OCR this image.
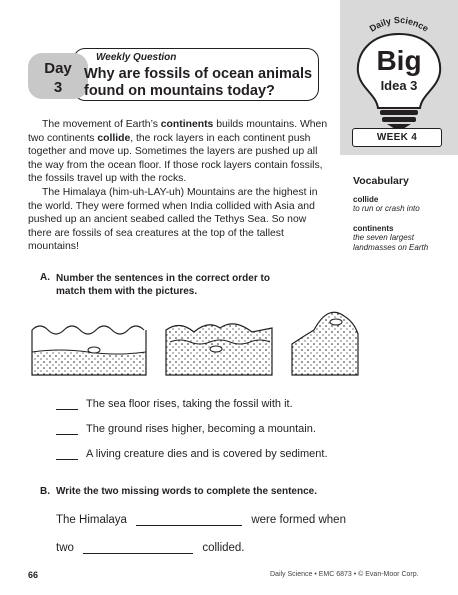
Daily Science
Big
Idea 3
WEEK 4
Day
3
Weekly Question
Why are fossils of ocean animals found on mountains today?

The movement of Earth’s continents builds mountains. When two continents collide, the rock layers in each continent push together and move up. Sometimes the layers are pushed up all the way from the ocean floor. If those rock layers contain fossils, the fossils travel up with the rocks.

The Himalaya (him-uh-LAY-uh) Mountains are the highest in the world. They were formed when India collided with Asia and pushed up an ancient seabed called the Tethys Sea. So now there are fossils of sea creatures at the top of the tallest mountains!

Vocabulary
collide
to run or crash into
continents
the seven largest landmasses on Earth
A. Number the sentences in the correct order to match them with the pictures.
The sea floor rises, taking the fossil with it.
The ground rises higher, becoming a mountain.
A living creature dies and is covered by sediment.
B. Write the two missing words to complete the sentence.
The Himalaya	were formed when
two	collided.
66	Daily Science • EMC 6873 • © Evan-Moor Corp.
